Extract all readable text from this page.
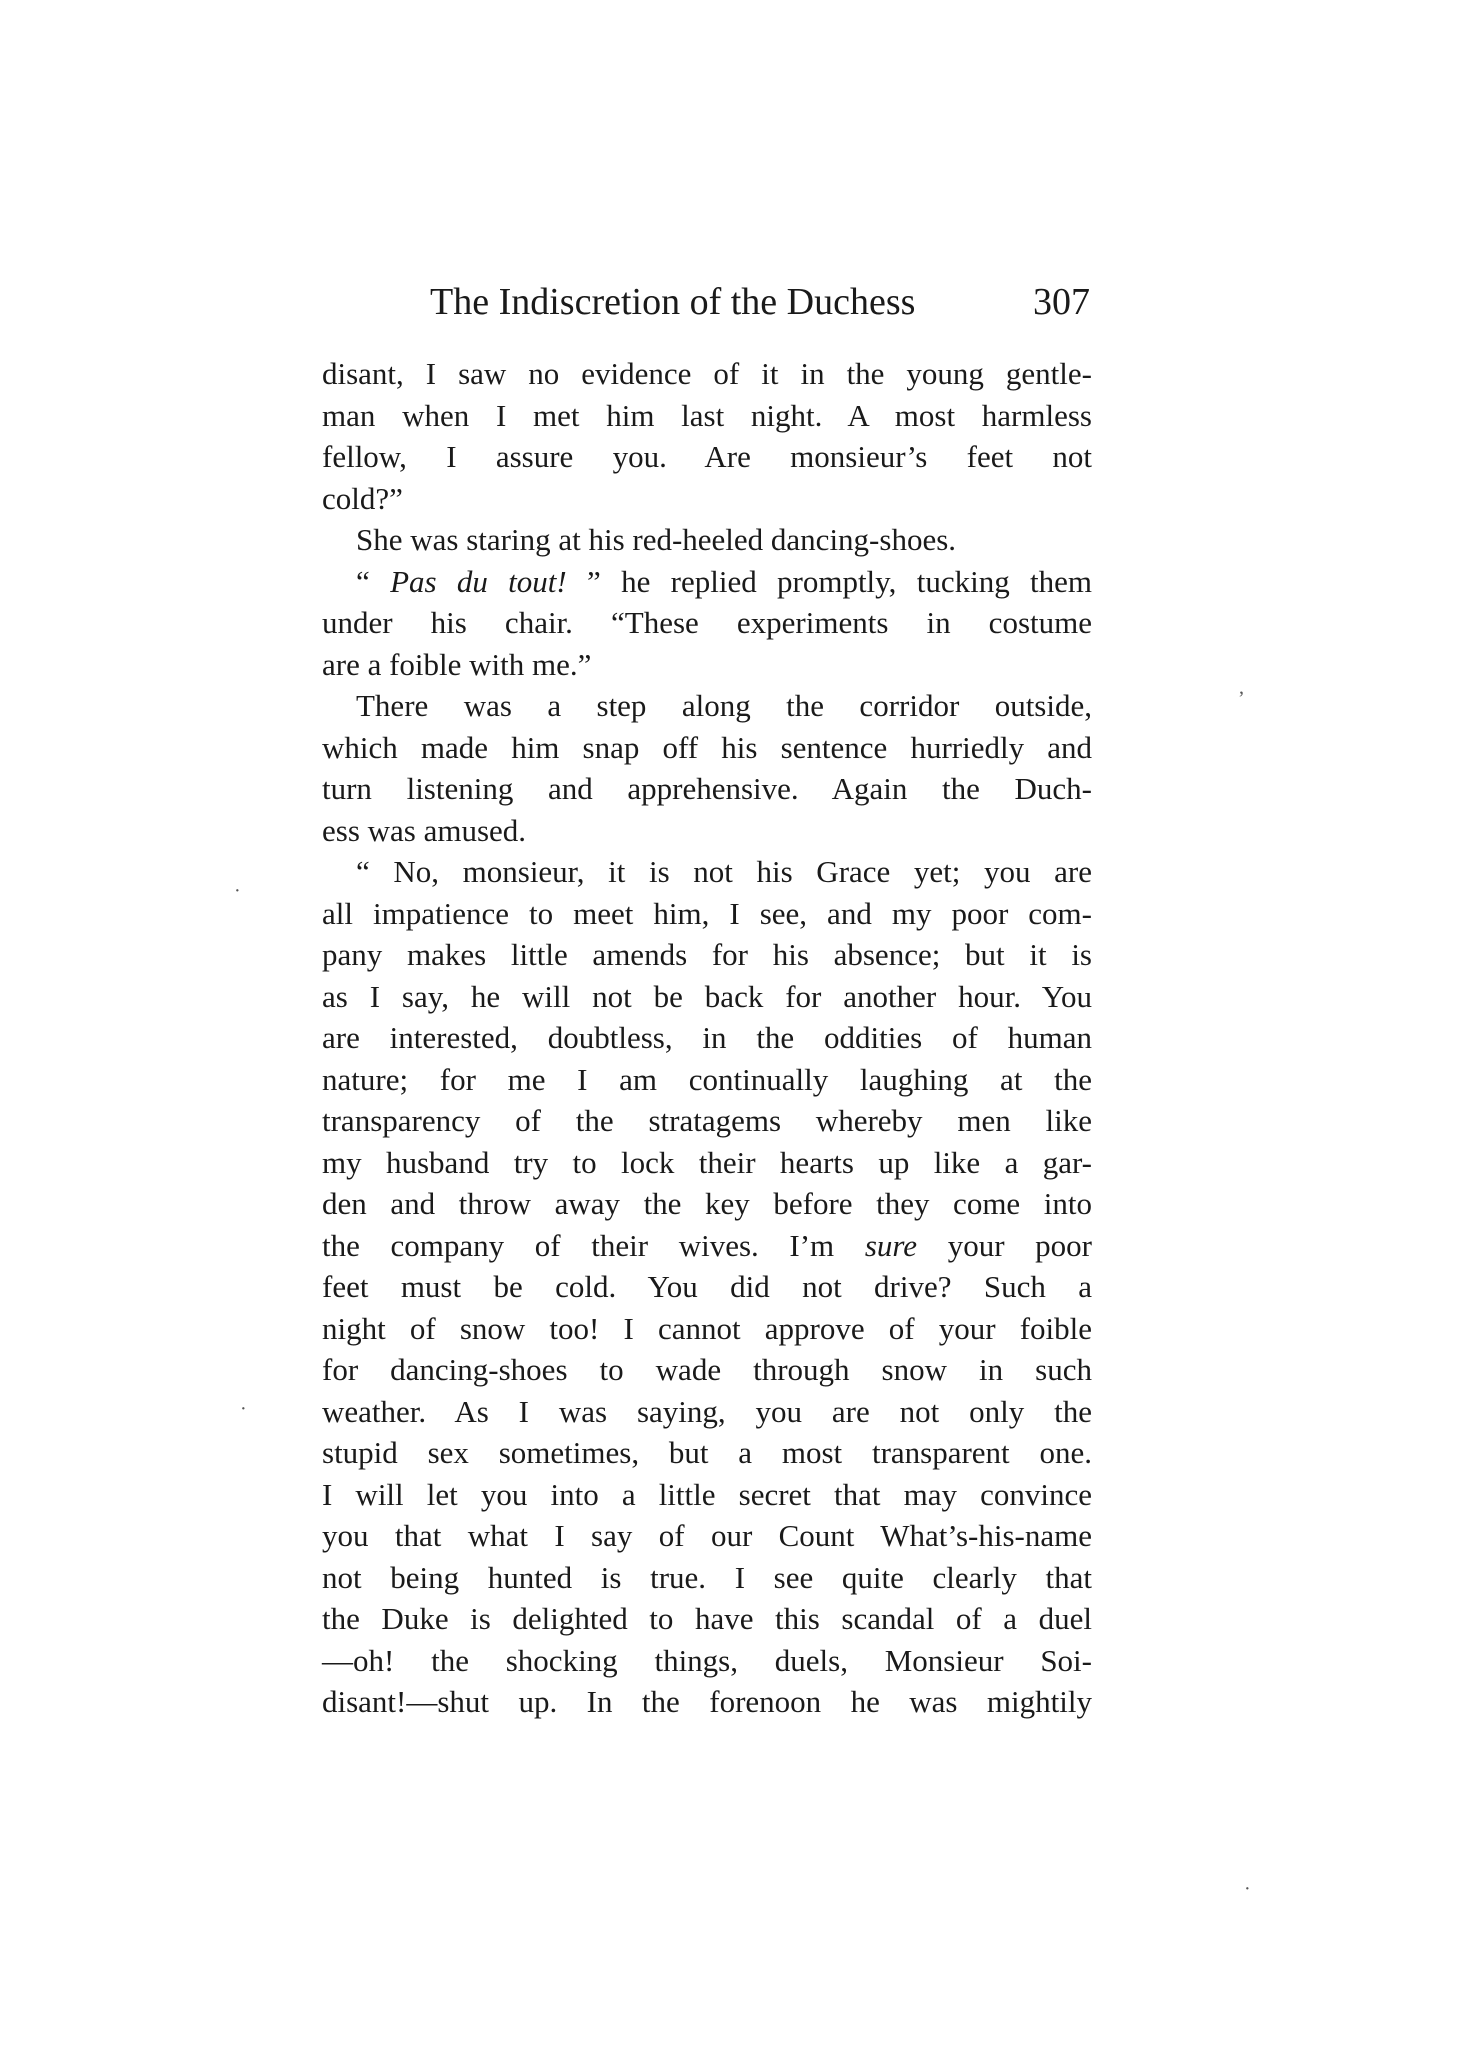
The Indiscretion of the Duchess	307
disant, I saw no evidence of it in the young gentle-
man when I met him last night. A most harmless
fellow, I assure you. Are monsieur’s feet not
cold?”
She was staring at his red-heeled dancing-shoes.
“ Pas du tout! ” he replied promptly, tucking them
under his chair. “These experiments in costume
are a foible with me.”
There was a step along the corridor outside,
which made him snap off his sentence hurriedly and
turn listening and apprehensive. Again the Duch-
ess was amused.
“ No, monsieur, it is not his Grace yet; you are
all impatience to meet him, I see, and my poor com-
pany makes little amends for his absence; but it is
as I say, he will not be back for another hour. You
are interested, doubtless, in the oddities of human
nature; for me I am continually laughing at the
transparency of the stratagems whereby men like
my husband try to lock their hearts up like a gar-
den and throw away the key before they come into
the company of their wives. I’m sure your poor
feet must be cold. You did not drive? Such a
night of snow too! I cannot approve of your foible
for dancing-shoes to wade through snow in such
weather. As I was saying, you are not only the
stupid sex sometimes, but a most transparent one.
I will let you into a little secret that may convince
you that what I say of our Count What’s-his-name
not being hunted is true. I see quite clearly that
the Duke is delighted to have this scandal of a duel
—oh! the shocking things, duels, Monsieur Soi-
disant!—shut up. In the forenoon he was mightily
ʼ
·
·
·
